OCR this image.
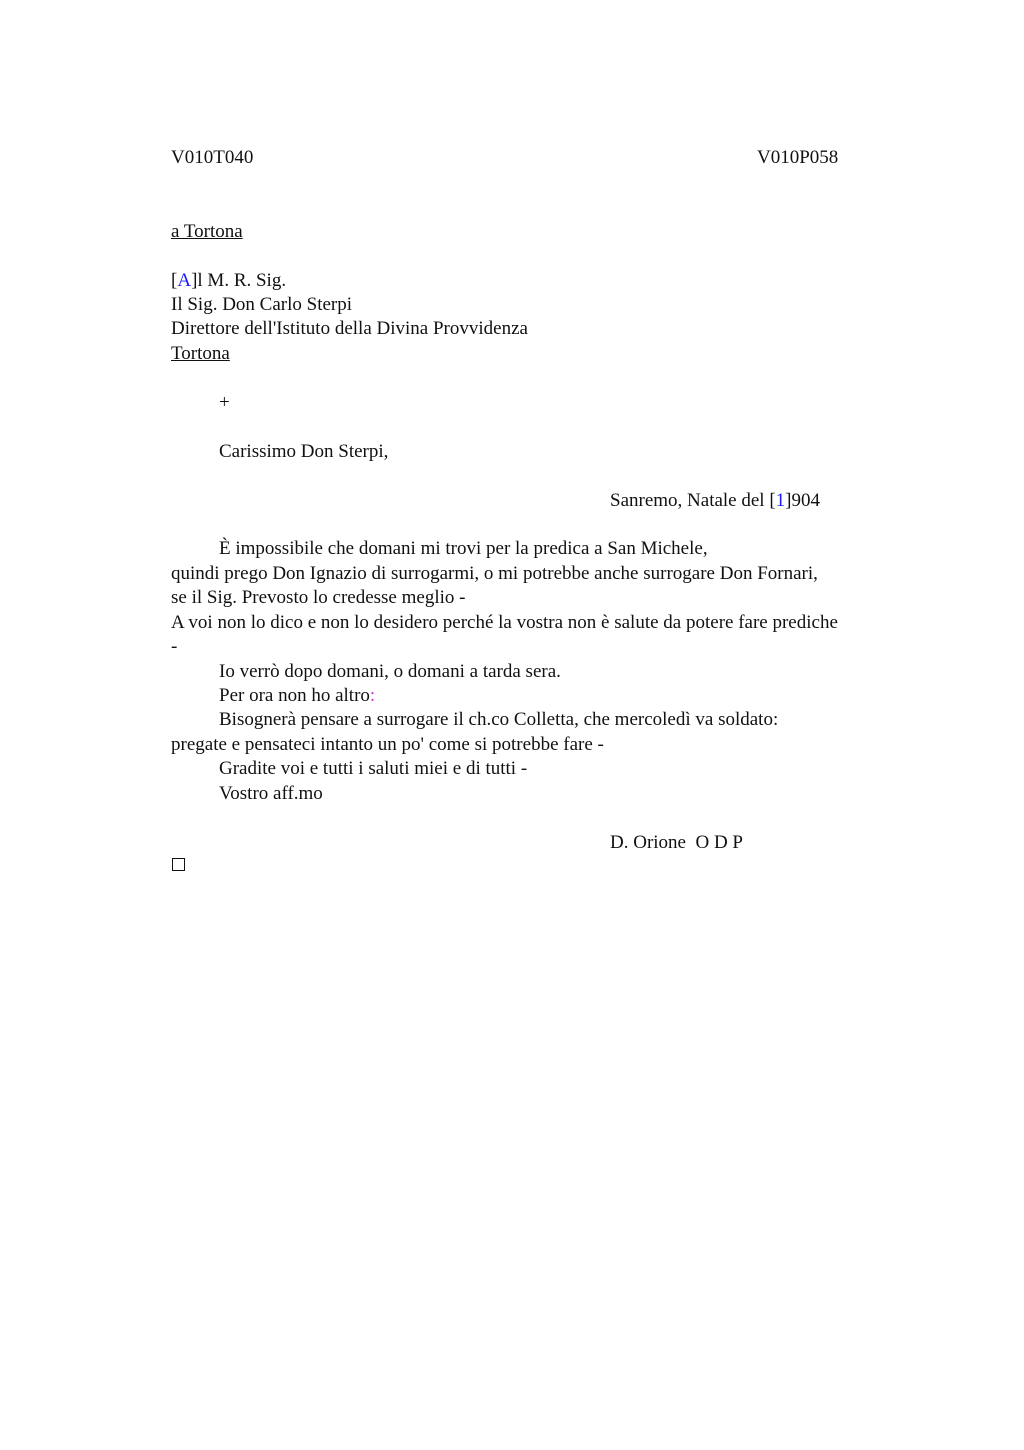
V010T040	V010P058

a Tortona

[A]l M. R. Sig.

Il Sig. Don Carlo Sterpi

Direttore dell'Istituto della Divina Provvidenza

Tortona

+

Carissimo Don Sterpi,

Sanremo, Natale del [1]904

È impossibile che domani mi trovi per la predica a San Michele,

quindi prego Don Ignazio di surrogarmi, o mi potrebbe anche surrogare Don Fornari,

se il Sig. Prevosto lo credesse meglio -

A voi non lo dico e non lo desidero perché la vostra non è salute da potere fare prediche

-

Io verrò dopo domani, o domani a tarda sera.

Per ora non ho altro:

Bisognerà pensare a surrogare il ch.co Colletta, che mercoledì va soldato:

pregate e pensateci intanto un po' come si potrebbe fare -

Gradite voi e tutti i saluti miei e di tutti -

Vostro aff.mo

D. Orione  O D P
